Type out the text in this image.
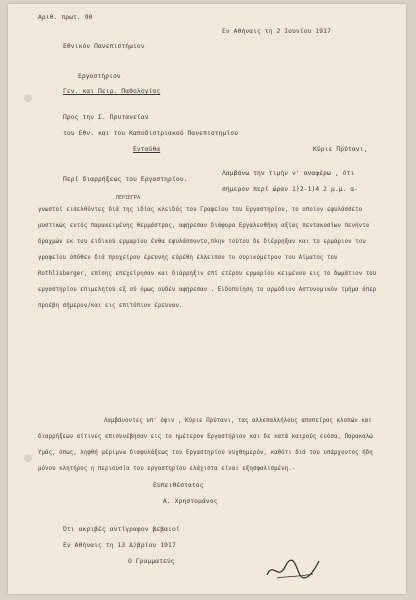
Αριθ. πρωτ. 90
Εν Αθήναις τη 2 Ιουνίου 1917
Εθνικόν Πανεπιστήμιον
Εργαστήριον
Γεν. και Πειρ. Παθολογίας
Προς την Σ. Πρυτανείαν
του Εθν. και του Καποδιστριακού Πανεπιστημίου
Ενταύθα	Κύριε Πρύτανι,
Περί διαρρήξεως του Εργαστηρίου.
Λαμβάνω την τιμήν ν' αναφέρω , ότι
σήμερον περί ώραν 1)2-1)4 2 μ.μ. α-
ΠΕΡΙΕΓΡΑ
γνωστοί εισελθόντες διά της ιδίας κλειδός του Γραφείου του Εργαστηρίου, το οποίον εφυλάσσετο μυστικώς εντός παρακειμένης θερμάστρας, αφήρεσαν διάφορα Εργαλεοθήκη αξίας πεντακοσίων πενήντα δραχμών εκ του ειδικού ερμαρίου ένθα εφυλάσσοντο,πλην τούτου δε διέρρηξαν και το ερμάριον του γραφείου όπόθεν διά προχείρου έρευνης εύρέθη έλλειπον το ουρικόμετρον του Αίματος του Rothlisberger, επίσης επεχείρησαν και διάρρηξιν επί ετέρου ερμαρίου κειμένου εις το δωμάτιον του εργαστηρίου επιμελητού εξ ού όμως ουδέν αφήρεσαν . Ειδοποίηση το αρμόδιον Αστυνομικόν τμήμα όπερ προέβη σήμερον/και εις επιτόπιον έρευναν.
Λαμβάνοντες υπ' όψιν , Κύριε Πρύτανι, τας αλλεπαλλήλους αποπείρας κλοπών και διαρρήξεων αίτινες επισυνέβησαν εις το ημέτερον Εργαστήριον και δε κατά καιρούς ενόσα, Παρακαλώ Υμάς, όπως, ληφθή μέριμνα διαφυλάξεως του Εργαστηρίου νυχθημερόν, καθότι διά του υπάρχοντος ήδη μόνου κλητήρος η περιουσία του εργαστηρίου ελάχιστα είναι εξησφαλισμένη.-
Ευπειθέστατος
Α. Χρηστομάνος
Ότι ακριβές αντίγραφον βεβαιοί
Εν Αθήναις τη 13 Δ)βρίου 1917
Ο Γραμματεύς
